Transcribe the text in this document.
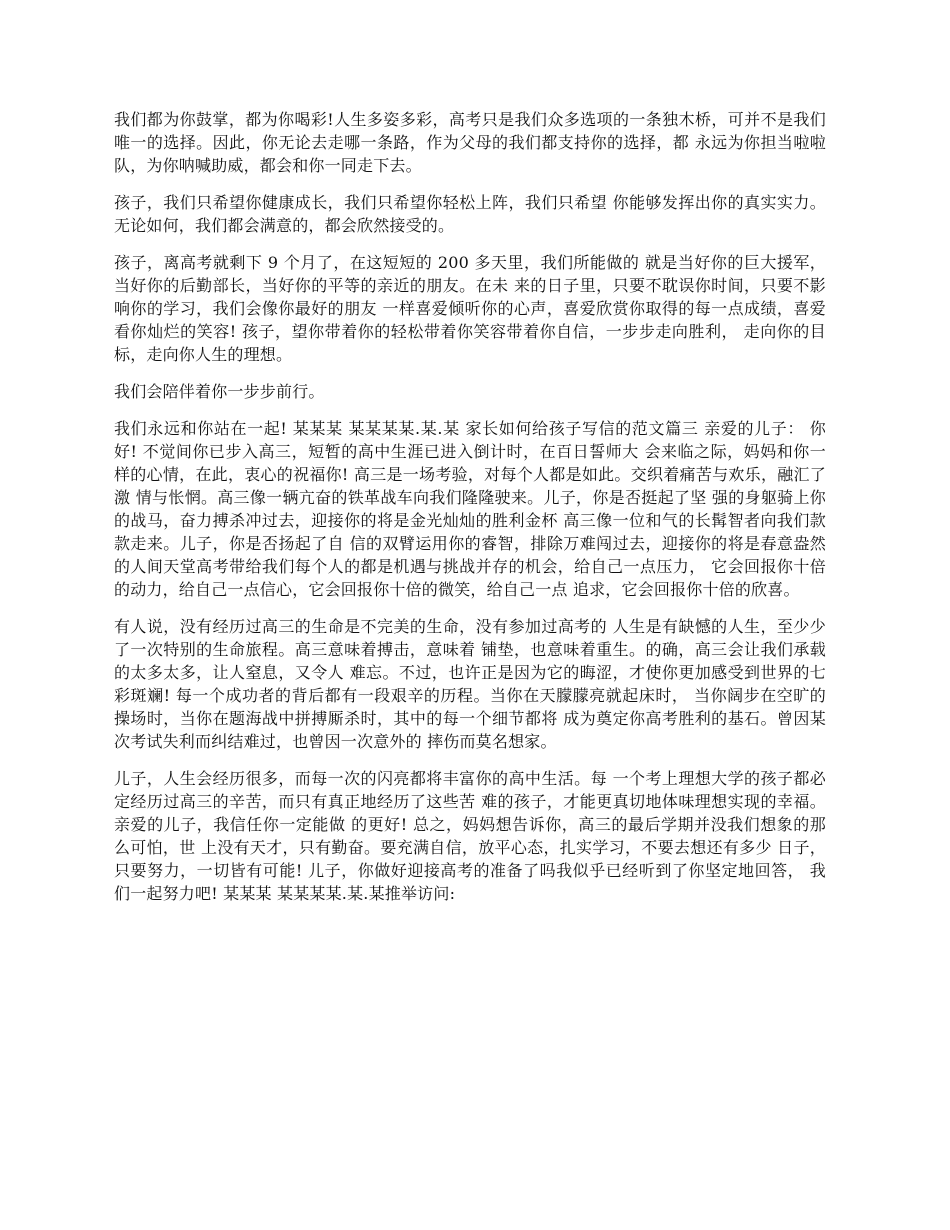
我们都为你鼓掌，都为你喝彩!人生多姿多彩，高考只是我们众多选项的一条独木桥，可并不是我们 唯一的选择。因此，你无论去走哪一条路，作为父母的我们都支持你的选择，都 永远为你担当啦啦队，为你呐喊助威，都会和你一同走下去。

孩子，我们只希望你健康成长，我们只希望你轻松上阵，我们只希望 你能够发挥出你的真实实力。无论如何，我们都会满意的，都会欣然接受的。

孩子，离高考就剩下 9 个月了，在这短短的 200 多天里，我们所能做的 就是当好你的巨大援军，当好你的后勤部长，当好你的平等的亲近的朋友。在未 来的日子里，只要不耽误你时间，只要不影响你的学习，我们会像你最好的朋友 一样喜爱倾听你的心声，喜爱欣赏你取得的每一点成绩，喜爱看你灿烂的笑容! 孩子，望你带着你的轻松带着你笑容带着你自信，一步步走向胜利， 走向你的目标，走向你人生的理想。

我们会陪伴着你一步步前行。

我们永远和你站在一起! 某某某 某某某某.某.某 家长如何给孩子写信的范文篇三 亲爱的儿子： 你好! 不觉间你已步入高三，短暂的高中生涯已进入倒计时，在百日誓师大 会来临之际，妈妈和你一样的心情，在此，衷心的祝福你! 高三是一场考验，对每个人都是如此。交织着痛苦与欢乐，融汇了激 情与怅惘。高三像一辆亢奋的铁革战车向我们隆隆驶来。儿子，你是否挺起了坚 强的身躯骑上你的战马，奋力搏杀冲过去，迎接你的将是金光灿灿的胜利金杯 高三像一位和气的长髯智者向我们款款走来。儿子，你是否扬起了自 信的双臂运用你的睿智，排除万难闯过去，迎接你的将是春意盎然的人间天堂高考带给我们每个人的都是机遇与挑战并存的机会，给自己一点压力， 它会回报你十倍的动力，给自己一点信心，它会回报你十倍的微笑，给自己一点 追求，它会回报你十倍的欣喜。

有人说，没有经历过高三的生命是不完美的生命，没有参加过高考的 人生是有缺憾的人生，至少少了一次特别的生命旅程。高三意味着搏击，意味着 铺垫，也意味着重生。的确，高三会让我们承载的太多太多，让人窒息，又令人 难忘。不过，也许正是因为它的晦涩，才使你更加感受到世界的七彩斑斓! 每一个成功者的背后都有一段艰辛的历程。当你在天朦朦亮就起床时， 当你阔步在空旷的操场时，当你在题海战中拼搏厮杀时，其中的每一个细节都将 成为奠定你高考胜利的基石。曾因某次考试失利而纠结难过，也曾因一次意外的 摔伤而莫名想家。

儿子，人生会经历很多，而每一次的闪亮都将丰富你的高中生活。每 一个考上理想大学的孩子都必定经历过高三的辛苦，而只有真正地经历了这些苦 难的孩子，才能更真切地体味理想实现的幸福。亲爱的儿子，我信任你一定能做 的更好! 总之，妈妈想告诉你，高三的最后学期并没我们想象的那么可怕，世 上没有天才，只有勤奋。要充满自信，放平心态，扎实学习，不要去想还有多少 日子，只要努力，一切皆有可能! 儿子，你做好迎接高考的准备了吗我似乎已经听到了你坚定地回答， 我们一起努力吧! 某某某 某某某某.某.某推举访问:
